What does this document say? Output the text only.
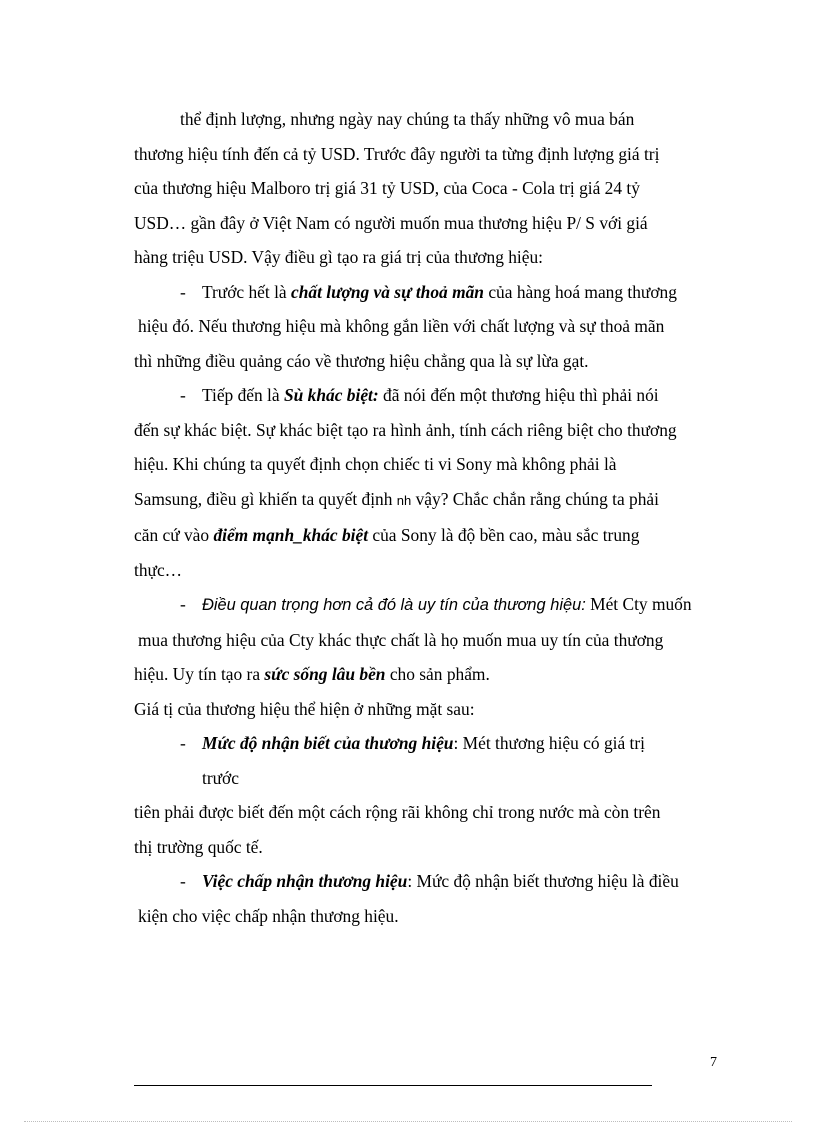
thể định lượng, nhưng ngày nay chúng ta thấy những vô mua bán
thương hiệu tính đến cả tỷ USD. Trước đây người ta từng định lượng giá trị
của thương hiệu Malboro trị giá 31 tỷ USD, của Coca - Cola trị giá 24 tỷ
USD… gần đây ở Việt Nam có người muốn mua thương hiệu P/ S với giá
hàng triệu USD. Vậy điều gì tạo ra giá trị của thương hiệu:

- Trước hết là chất lượng và sự thoả mãn của hàng hoá mang thương
hiệu đó. Nếu thương hiệu mà không gắn liền với chất lượng và sự thoả mãn
thì những điều quảng cáo về thương hiệu chẳng qua là sự lừa gạt.

- Tiếp đến là Sù khác biệt: đã nói đến một thương hiệu thì phải nói
đến sự khác biệt. Sự khác biệt tạo ra hình ảnh, tính cách riêng biệt cho thương
hiệu. Khi chúng ta quyết định chọn chiếc ti vi Sony mà không phải là
Samsung, điều gì khiến ta quyết định nh vậy? Chắc chắn rằng chúng ta phải
căn cứ vào điểm mạnh_khác biệt của Sony là độ bền cao, màu sắc trung
thực…

- Điều quan trọng hơn cả đó là uy tín của thương hiệu: Mét Cty muốn
mua thương hiệu của Cty khác thực chất là họ muốn mua uy tín của thương
hiệu. Uy tín tạo ra sức sống lâu bền cho sản phẩm.

Giá tị của thương hiệu thể hiện ở những mặt sau:

- Mức độ nhận biết của thương hiệu: Mét thương hiệu có giá trị
trước
tiên phải được biết đến một cách rộng rãi không chỉ trong nước mà còn trên
thị trường quốc tế.

- Việc chấp nhận thương hiệu: Mức độ nhận biết thương hiệu là điều
kiện cho việc chấp nhận thương hiệu.

7
